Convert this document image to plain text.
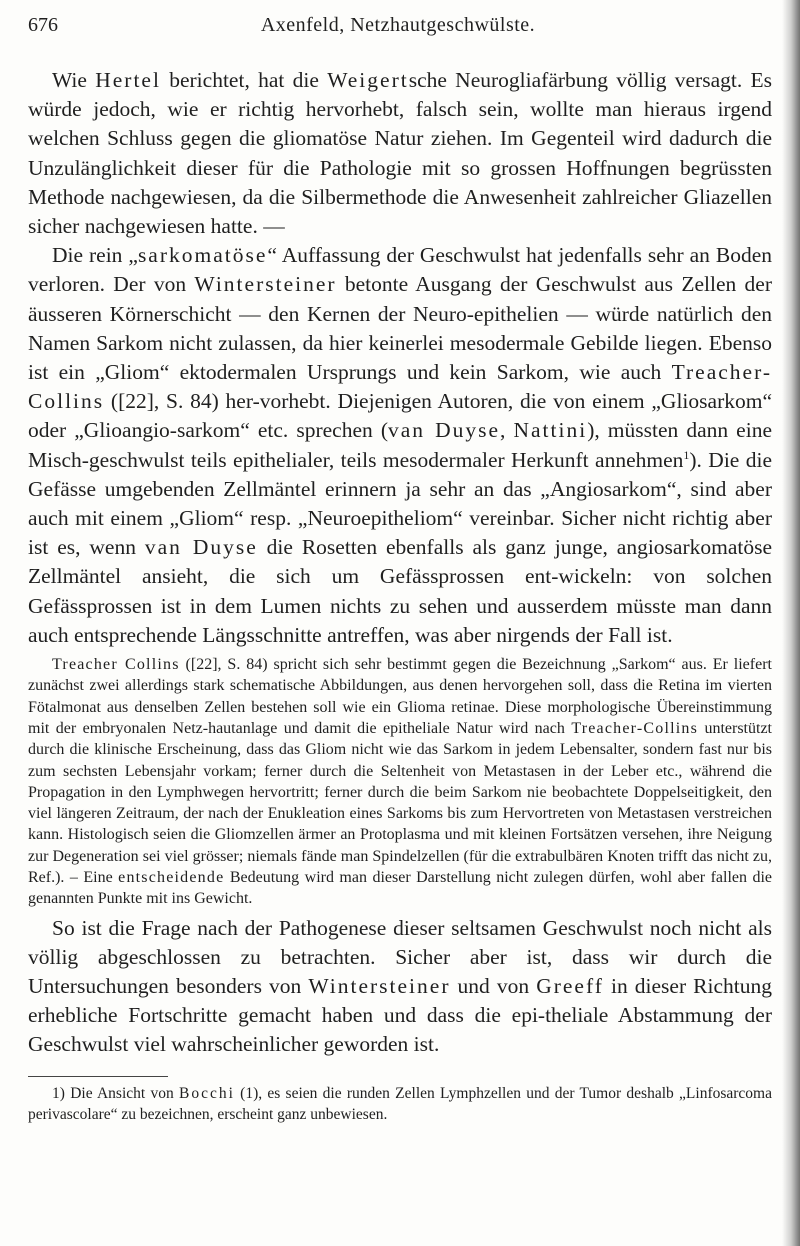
676	Axenfeld, Netzhautgeschwülste.

Wie Hertel berichtet, hat die Weigertsche Neurogliafärbung völlig versagt. Es würde jedoch, wie er richtig hervorhebt, falsch sein, wollte man hieraus irgend welchen Schluss gegen die gliomatöse Natur ziehen. Im Gegenteil wird dadurch die Unzulänglichkeit dieser für die Pathologie mit so grossen Hoffnungen begrüssten Methode nachgewiesen, da die Silbermethode die Anwesenheit zahlreicher Gliazellen sicher nachgewiesen hatte. —

Die rein „sarkomatöse“ Auffassung der Geschwulst hat jedenfalls sehr an Boden verloren. Der von Wintersteiner betonte Ausgang der Geschwulst aus Zellen der äusseren Körnerschicht — den Kernen der Neuro-epithelien — würde natürlich den Namen Sarkom nicht zulassen, da hier keinerlei mesodermale Gebilde liegen. Ebenso ist ein „Gliom“ ektodermalen Ursprungs und kein Sarkom, wie auch Treacher-Collins ([22], S. 84) her-vorhebt. Diejenigen Autoren, die von einem „Gliosarkom“ oder „Glioangio-sarkom“ etc. sprechen (van Duyse, Nattini), müssten dann eine Misch-geschwulst teils epithelialer, teils mesodermaler Herkunft annehmen$^1$). Die die Gefässe umgebenden Zellmäntel erinnern ja sehr an das „Angiosarkom“, sind aber auch mit einem „Gliom“ resp. „Neuroepitheliom“ vereinbar. Sicher nicht richtig aber ist es, wenn van Duyse die Rosetten ebenfalls als ganz junge, angiosarkomatöse Zellmäntel ansieht, die sich um Gefässprossen ent-wickeln: von solchen Gefässprossen ist in dem Lumen nichts zu sehen und ausserdem müsste man dann auch entsprechende Längsschnitte antreffen, was aber nirgends der Fall ist.

Treacher Collins ([22], S. 84) spricht sich sehr bestimmt gegen die Bezeichnung „Sarkom“ aus. Er liefert zunächst zwei allerdings stark schematische Abbildungen, aus denen hervorgehen soll, dass die Retina im vierten Fötalmonat aus denselben Zellen bestehen soll wie ein Glioma retinae. Diese morphologische Übereinstimmung mit der embryonalen Netz-hautanlage und damit die epitheliale Natur wird nach Treacher-Collins unterstützt durch die klinische Erscheinung, dass das Gliom nicht wie das Sarkom in jedem Lebensalter, sondern fast nur bis zum sechsten Lebensjahr vorkam; ferner durch die Seltenheit von Metastasen in der Leber etc., während die Propagation in den Lymphwegen hervortritt; ferner durch die beim Sarkom nie beobachtete Doppelseitigkeit, den viel längeren Zeitraum, der nach der Enukleation eines Sarkoms bis zum Hervortreten von Metastasen verstreichen kann. Histologisch seien die Gliomzellen ärmer an Protoplasma und mit kleinen Fortsätzen versehen, ihre Neigung zur Degeneration sei viel grösser; niemals fände man Spindelzellen (für die extrabulbären Knoten trifft das nicht zu, Ref.). – Eine entscheidende Bedeutung wird man dieser Darstellung nicht zulegen dürfen, wohl aber fallen die genannten Punkte mit ins Gewicht.

So ist die Frage nach der Pathogenese dieser seltsamen Geschwulst noch nicht als völlig abgeschlossen zu betrachten. Sicher aber ist, dass wir durch die Untersuchungen besonders von Wintersteiner und von Greeff in dieser Richtung erhebliche Fortschritte gemacht haben und dass die epi-theliale Abstammung der Geschwulst viel wahrscheinlicher geworden ist.

1) Die Ansicht von Bocchi (1), es seien die runden Zellen Lymphzellen und der Tumor deshalb „Linfosarcoma perivascolare“ zu bezeichnen, erscheint ganz unbewiesen.
